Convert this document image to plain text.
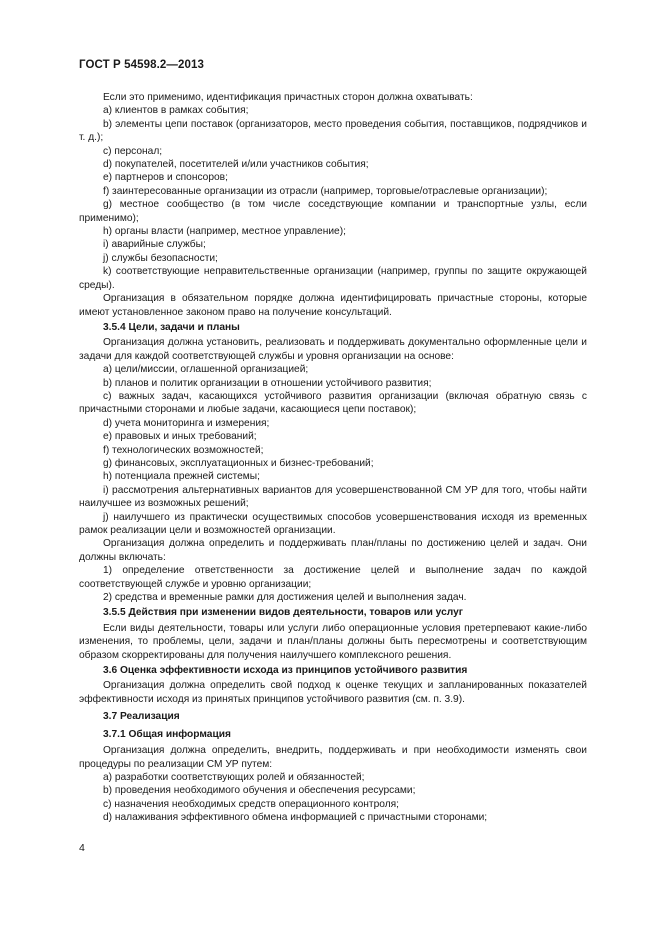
ГОСТ Р 54598.2—2013
Если это применимо, идентификация причастных сторон должна охватывать:
a) клиентов в рамках события;
b) элементы цепи поставок (организаторов, место проведения события, поставщиков, подрядчиков и т. д.);
c) персонал;
d) покупателей, посетителей и/или участников события;
e) партнеров и спонсоров;
f) заинтересованные организации из отрасли (например, торговые/отраслевые организации);
g) местное сообщество (в том числе соседствующие компании и транспортные узлы, если применимо);
h) органы власти (например, местное управление);
i) аварийные службы;
j) службы безопасности;
k) соответствующие неправительственные организации (например, группы по защите окружающей среды).
Организация в обязательном порядке должна идентифицировать причастные стороны, которые имеют установленное законом право на получение консультаций.
3.5.4 Цели, задачи и планы
Организация должна установить, реализовать и поддерживать документально оформленные цели и задачи для каждой соответствующей службы и уровня организации на основе:
a) цели/миссии, оглашенной организацией;
b) планов и политик организации в отношении устойчивого развития;
c) важных задач, касающихся устойчивого развития организации (включая обратную связь с причастными сторонами и любые задачи, касающиеся цепи поставок);
d) учета мониторинга и измерения;
e) правовых и иных требований;
f) технологических возможностей;
g) финансовых, эксплуатационных и бизнес-требований;
h) потенциала прежней системы;
i) рассмотрения альтернативных вариантов для усовершенствованной СМ УР для того, чтобы найти наилучшее из возможных решений;
j) наилучшего из практически осуществимых способов усовершенствования исходя из временных рамок реализации цели и возможностей организации.
Организация должна определить и поддерживать план/планы по достижению целей и задач. Они должны включать:
1) определение ответственности за достижение целей и выполнение задач по каждой соответствующей службе и уровню организации;
2) средства и временные рамки для достижения целей и выполнения задач.
3.5.5 Действия при изменении видов деятельности, товаров или услуг
Если виды деятельности, товары или услуги либо операционные условия претерпевают какие-либо изменения, то проблемы, цели, задачи и план/планы должны быть пересмотрены и соответствующим образом скорректированы для получения наилучшего комплексного решения.
3.6 Оценка эффективности исхода из принципов устойчивого развития
Организация должна определить свой подход к оценке текущих и запланированных показателей эффективности исходя из принятых принципов устойчивого развития (см. п. 3.9).
3.7 Реализация
3.7.1 Общая информация
Организация должна определить, внедрить, поддерживать и при необходимости изменять свои процедуры по реализации СМ УР путем:
a) разработки соответствующих ролей и обязанностей;
b) проведения необходимого обучения и обеспечения ресурсами;
c) назначения необходимых средств операционного контроля;
d) налаживания эффективного обмена информацией с причастными сторонами;
4
